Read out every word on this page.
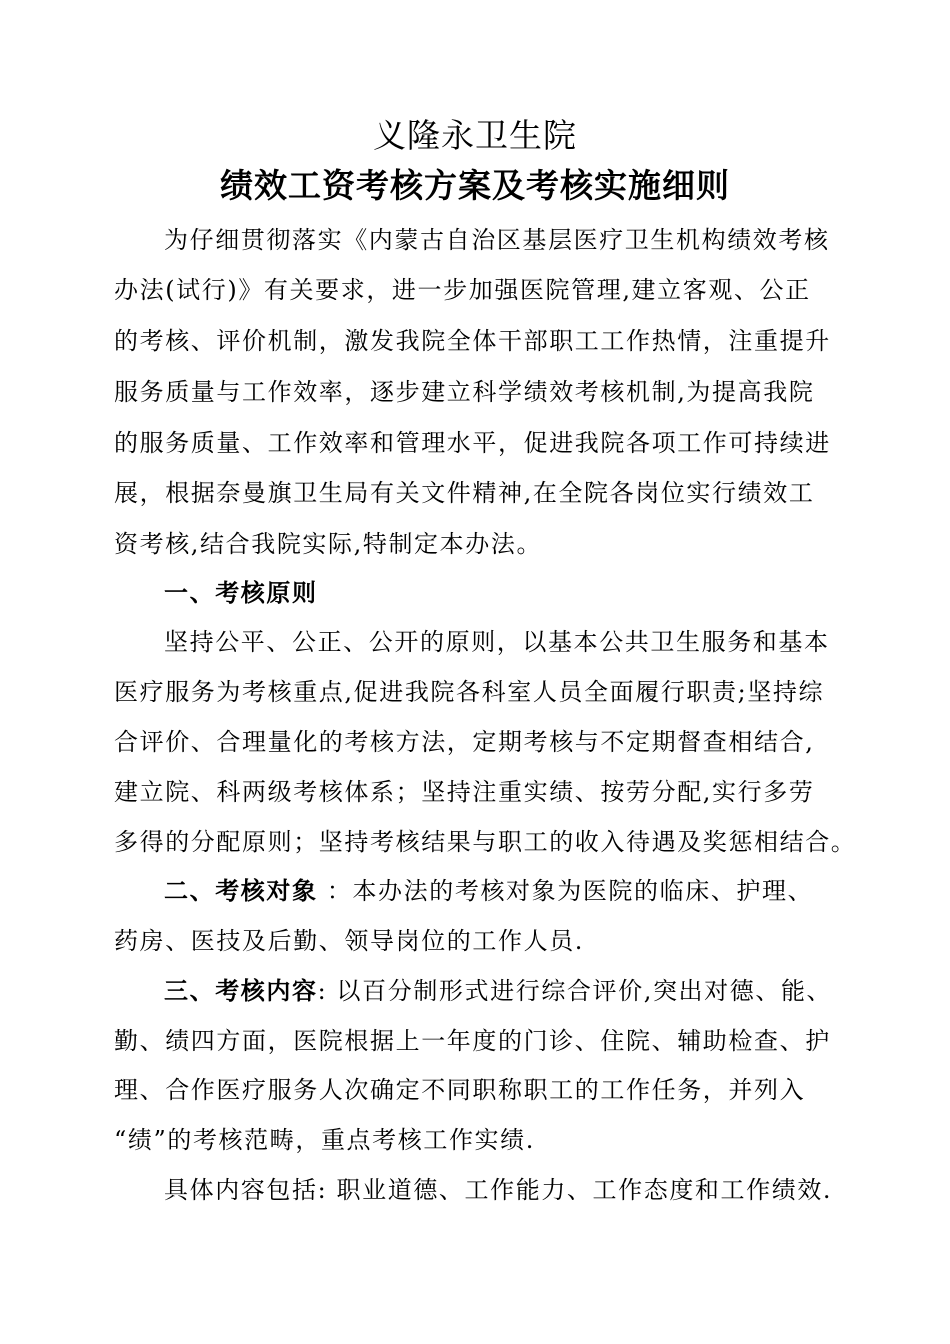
义隆永卫生院
绩效工资考核方案及考核实施细则
为仔细贯彻落实《内蒙古自治区基层医疗卫生机构绩效考核
办法(试行)》有关要求，进一步加强医院管理,建立客观、公正
的考核、评价机制，激发我院全体干部职工工作热情，注重提升
服务质量与工作效率，逐步建立科学绩效考核机制,为提高我院
的服务质量、工作效率和管理水平，促进我院各项工作可持续进
展，根据奈曼旗卫生局有关文件精神,在全院各岗位实行绩效工
资考核,结合我院实际,特制定本办法。
一、考核原则
坚持公平、公正、公开的原则，以基本公共卫生服务和基本
医疗服务为考核重点,促进我院各科室人员全面履行职责;坚持综
合评价、合理量化的考核方法，定期考核与不定期督查相结合,
建立院、科两级考核体系；坚持注重实绩、按劳分配,实行多劳
多得的分配原则；坚持考核结果与职工的收入待遇及奖惩相结合。
二、考核对象 ：本办法的考核对象为医院的临床、护理、
药房、医技及后勤、领导岗位的工作人员.
三、考核内容: 以百分制形式进行综合评价,突出对德、能、
勤、绩四方面，医院根据上一年度的门诊、住院、辅助检查、护
理、合作医疗服务人次确定不同职称职工的工作任务，并列入
“绩”的考核范畴，重点考核工作实绩.
具体内容包括: 职业道德、工作能力、工作态度和工作绩效.
